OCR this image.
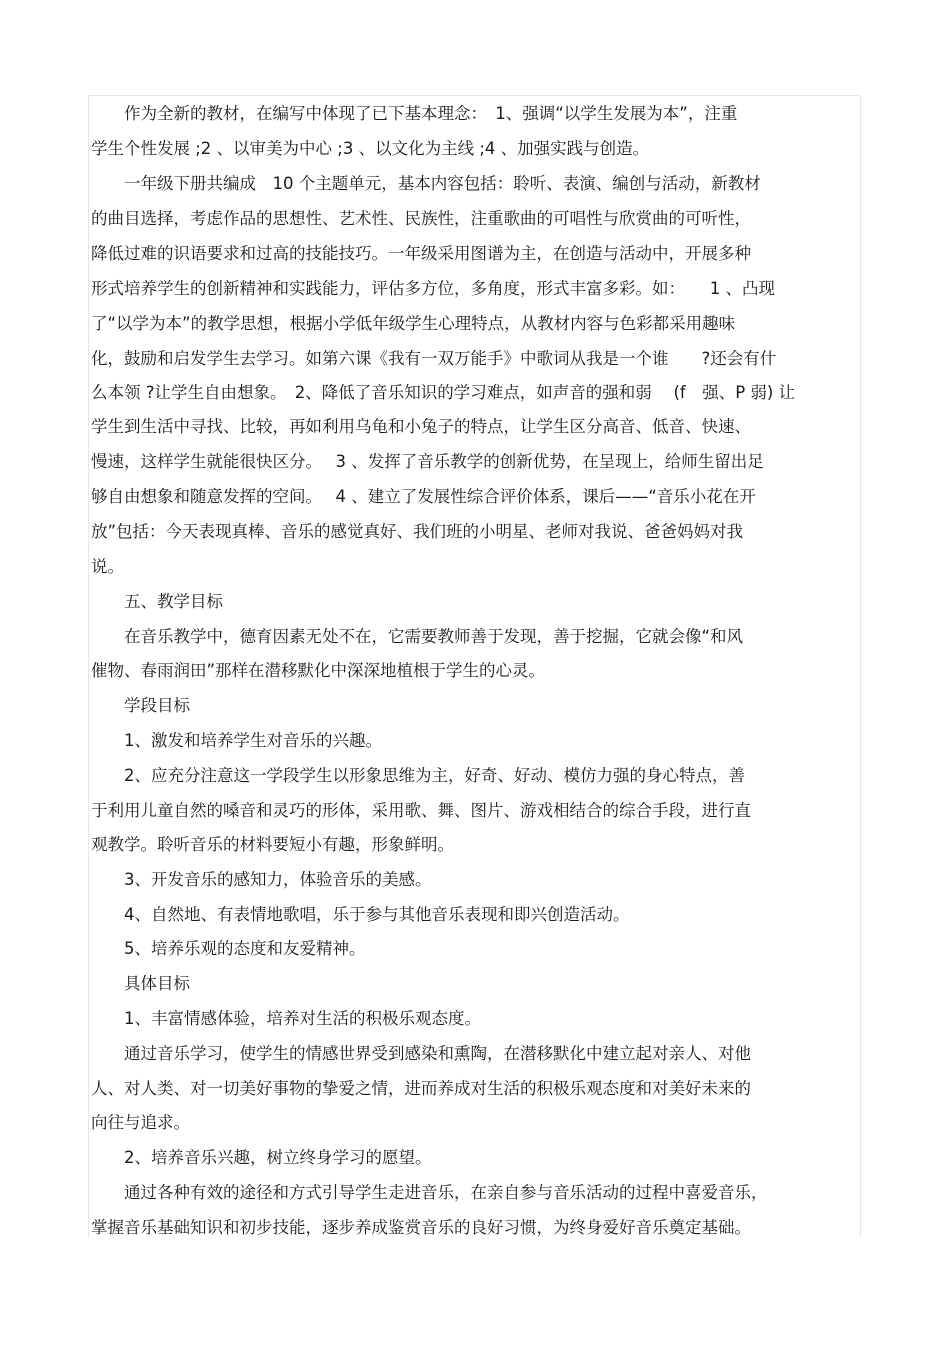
　　作为全新的教材，在编写中体现了已下基本理念：　1、强调“以学生发展为本”，注重
学生个性发展 ;2 、以审美为中心 ;3 、以文化为主线 ;4 、加强实践与创造。
　　一年级下册共编成　10 个主题单元，基本内容包括：聆听、表演、编创与活动，新教材
的曲目选择，考虑作品的思想性、艺术性、民族性，注重歌曲的可唱性与欣赏曲的可听性，
降低过难的识语要求和过高的技能技巧。一年级采用图谱为主，在创造与活动中，开展多种
形式培养学生的创新精神和实践能力，评估多方位，多角度，形式丰富多彩。如：　　1 、凸现
了“以学为本”的教学思想，根据小学低年级学生心理特点，从教材内容与色彩都采用趣味
化，鼓励和启发学生去学习。如第六课《我有一双万能手》中歌词从我是一个谁　　?还会有什
么本领 ?让学生自由想象。　2、降低了音乐知识的学习难点，如声音的强和弱　 (f　强、P 弱) 让
学生到生活中寻找、比较，再如利用乌龟和小兔子的特点，让学生区分高音、低音、快速、
慢速，这样学生就能很快区分。　 3 、发挥了音乐教学的创新优势，在呈现上，给师生留出足
够自由想象和随意发挥的空间。　 4 、建立了发展性综合评价体系，课后——“音乐小花在开
放”包括：今天表现真棒、音乐的感觉真好、我们班的小明星、老师对我说、爸爸妈妈对我
说。
　　五、教学目标
　　在音乐教学中，德育因素无处不在，它需要教师善于发现，善于挖掘，它就会像“和风
催物、春雨润田”那样在潜移默化中深深地植根于学生的心灵。
　　学段目标
　　1、激发和培养学生对音乐的兴趣。
　　2、应充分注意这一学段学生以形象思维为主，好奇、好动、模仿力强的身心特点，善
于利用儿童自然的嗓音和灵巧的形体，采用歌、舞、图片、游戏相结合的综合手段，进行直
观教学。聆听音乐的材料要短小有趣，形象鲜明。
　　3、开发音乐的感知力，体验音乐的美感。
　　4、自然地、有表情地歌唱，乐于参与其他音乐表现和即兴创造活动。
　　5、培养乐观的态度和友爱精神。
　　具体目标
　　1、丰富情感体验，培养对生活的积极乐观态度。
　　通过音乐学习，使学生的情感世界受到感染和熏陶，在潜移默化中建立起对亲人、对他
人、对人类、对一切美好事物的挚爱之情，进而养成对生活的积极乐观态度和对美好未来的
向往与追求。
　　2、培养音乐兴趣，树立终身学习的愿望。
　　通过各种有效的途径和方式引导学生走进音乐，在亲自参与音乐活动的过程中喜爱音乐，
掌握音乐基础知识和初步技能，逐步养成鉴赏音乐的良好习惯，为终身爱好音乐奠定基础。
